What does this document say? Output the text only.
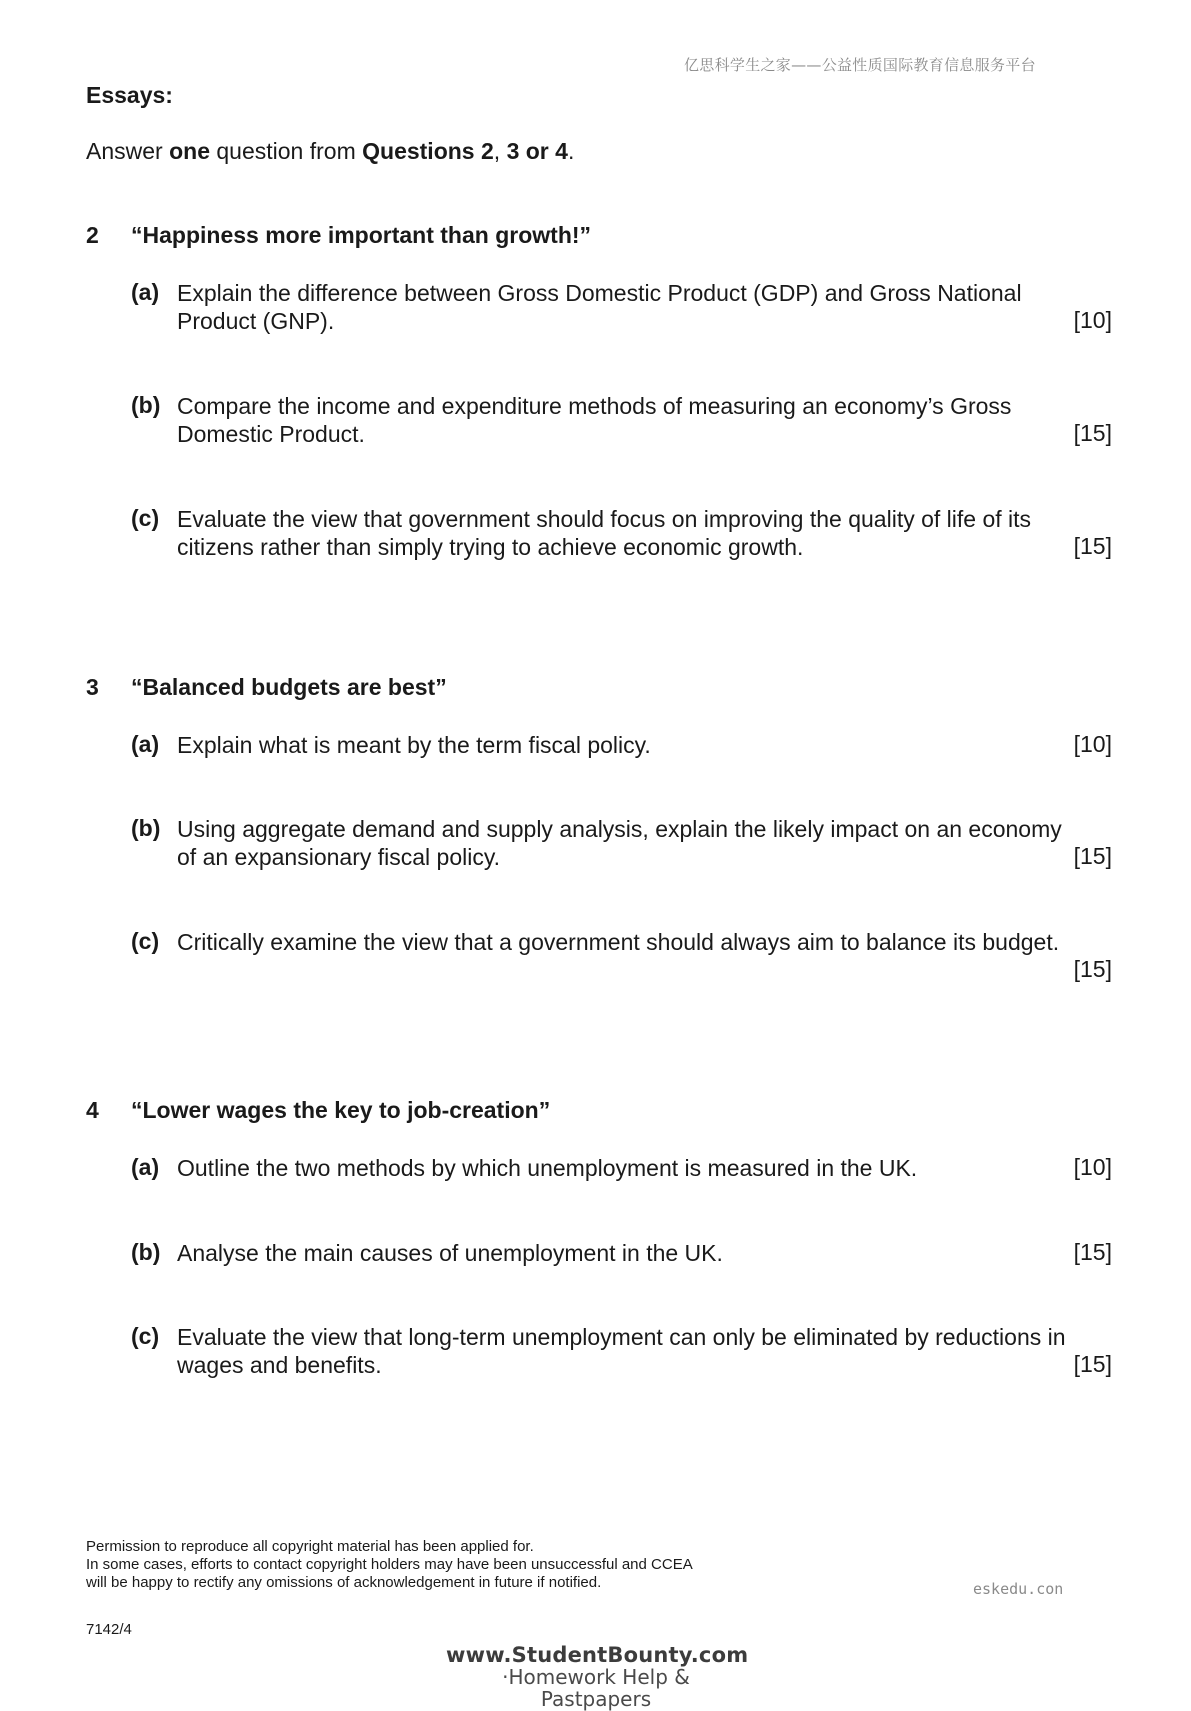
亿思科学生之家——公益性质国际教育信息服务平台
Essays:
Answer one question from Questions 2, 3 or 4.
2 “Happiness more important than growth!”
(a) Explain the difference between Gross Domestic Product (GDP) and Gross National Product (GNP).	[10]
(b) Compare the income and expenditure methods of measuring an economy’s Gross Domestic Product.	[15]
(c) Evaluate the view that government should focus on improving the quality of life of its citizens rather than simply trying to achieve economic growth.	[15]
3 “Balanced budgets are best”
(a) Explain what is meant by the term fiscal policy.	[10]
(b) Using aggregate demand and supply analysis, explain the likely impact on an economy of an expansionary fiscal policy.	[15]
(c) Critically examine the view that a government should always aim to balance its budget.
[15]
4 “Lower wages the key to job-creation”
(a) Outline the two methods by which unemployment is measured in the UK.	[10]
(b) Analyse the main causes of unemployment in the UK.	[15]
(c) Evaluate the view that long-term unemployment can only be eliminated by reductions in wages and benefits.	[15]
Permission to reproduce all copyright material has been applied for.
In some cases, efforts to contact copyright holders may have been unsuccessful and CCEA
will be happy to rectify any omissions of acknowledgement in future if notified.	eskedu.con
7142/4
www.StudentBounty.com
·Homework Help & Pastpapers
